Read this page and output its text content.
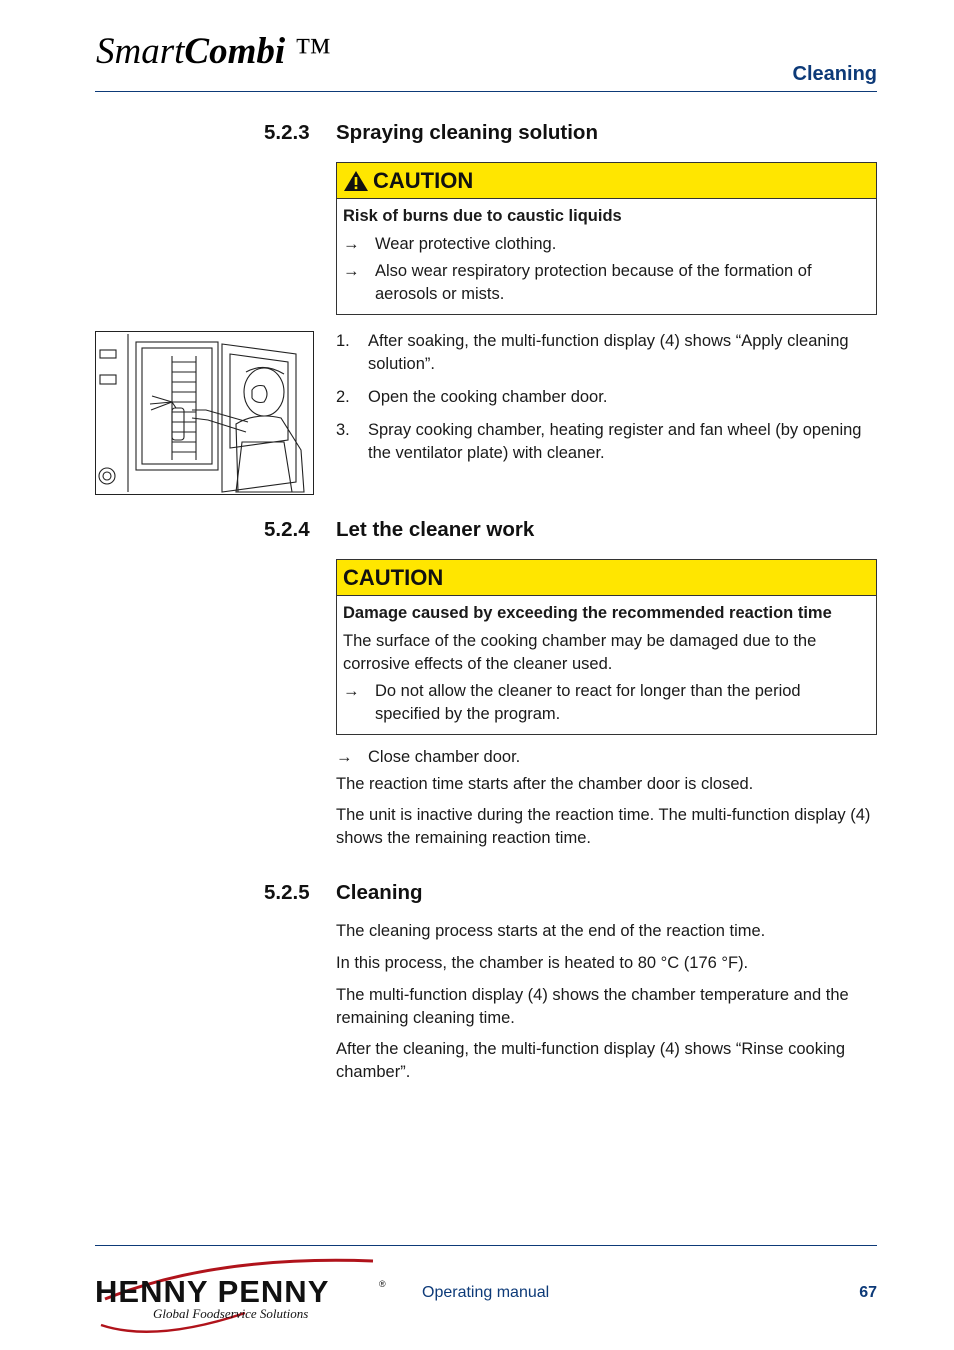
SmartCombi ™
Cleaning
5.2.3 Spraying cleaning solution
CAUTION
Risk of burns due to caustic liquids
→ Wear protective clothing.
→ Also wear respiratory protection because of the formation of aerosols or mists.
1. After soaking, the multi-function display (4) shows “Apply cleaning solution”.
2. Open the cooking chamber door.
3. Spray cooking chamber, heating register and fan wheel (by opening the ventilator plate) with cleaner.
5.2.4 Let the cleaner work
CAUTION
Damage caused by exceeding the recommended reaction time
The surface of the cooking chamber may be damaged due to the corrosive effects of the cleaner used.
→ Do not allow the cleaner to react for longer than the period specified by the program.
→ Close chamber door.

The reaction time starts after the chamber door is closed.

The unit is inactive during the reaction time. The multi-function display (4) shows the remaining reaction time.

5.2.5 Cleaning

The cleaning process starts at the end of the reaction time.

In this process, the chamber is heated to 80 °C (176 °F).

The multi-function display (4) shows the chamber temperature and the remaining cleaning time.

After the cleaning, the multi-function display (4) shows “Rinse cooking chamber”.

HENNY PENNY	®
Global Foodservice Solutions
Operating manual	67
